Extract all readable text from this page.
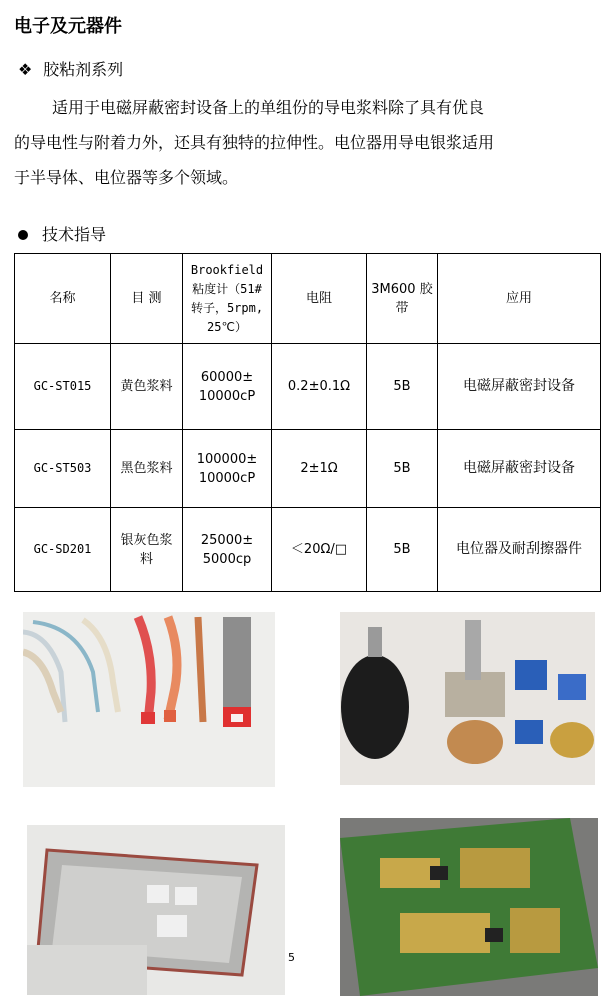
电子及元器件
❖ 胶粘剂系列
适用于电磁屏蔽密封设备上的单组份的导电浆料除了具有优良
的导电性与附着力外，还具有独特的拉伸性。电位器用导电银浆适用
于半导体、电位器等多个领域。
技术指导
名称	目 测	Brookfield
粘度计（51#
转子，5rpm,
25℃）	电阻	3M600 胶
带	应用
GC-ST015	黄色浆料	60000±
10000cP	0.2±0.1Ω	5B	电磁屏蔽密封设备
GC-ST503	黑色浆料	100000±
10000cP	2±1Ω	5B	电磁屏蔽密封设备
GC-SD201	银灰色浆
料	25000±
5000cp	＜20Ω/□	5B	电位器及耐刮擦器件
5
